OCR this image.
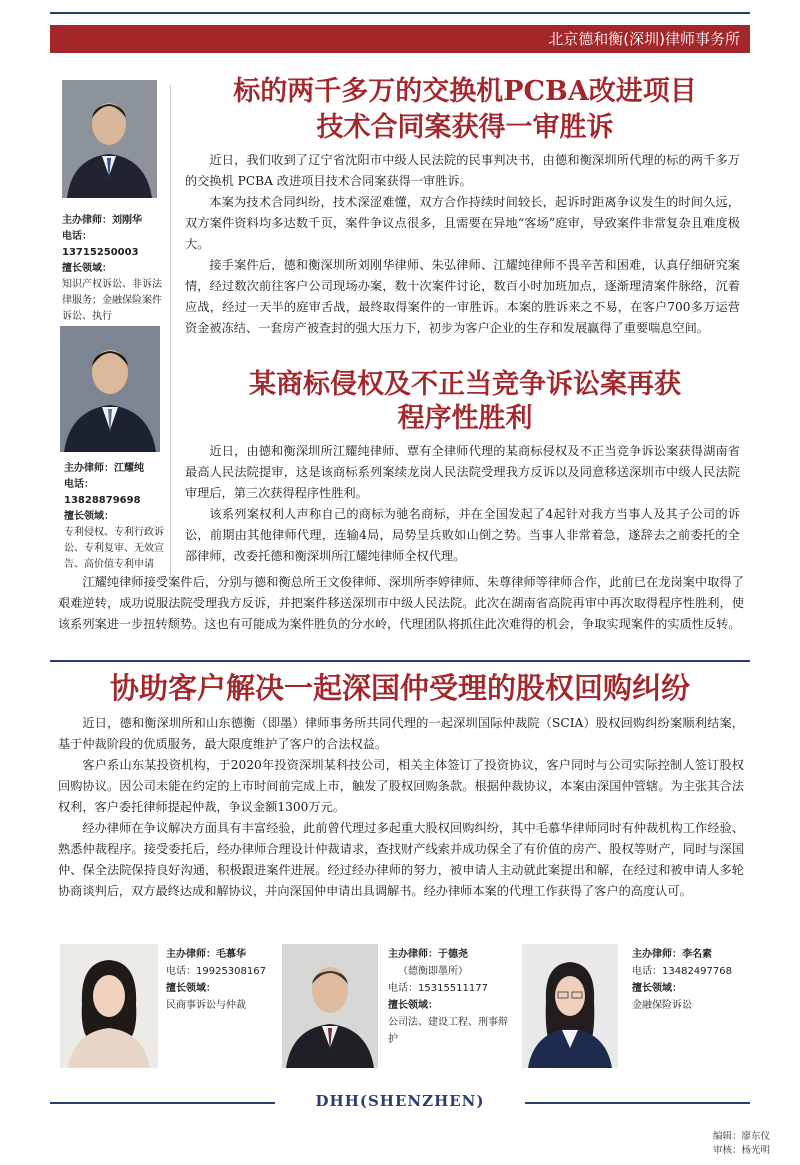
北京德和衡(深圳)律师事务所
主办律师：刘刚华
电话：13715250003
擅长领域：
知识产权诉讼、非诉法律服务；金融保险案件诉讼、执行
主办律师：江耀纯
电话：13828879698
擅长领域：
专利侵权、专利行政诉讼、专利复审、无效宣告、高价值专利申请
标的两千多万的交换机PCBA改进项目
技术合同案获得一审胜诉

近日，我们收到了辽宁省沈阳市中级人民法院的民事判决书，由德和衡深圳所代理的标的两千多万的交换机 PCBA 改进项目技术合同案获得一审胜诉。

本案为技术合同纠纷，技术深涩难懂，双方合作持续时间较长，起诉时距离争议发生的时间久远，双方案件资料均多达数千页，案件争议点很多，且需要在异地“客场”庭审，导致案件非常复杂且难度极大。

接手案件后，德和衡深圳所刘刚华律师、朱弘律师、江耀纯律师不畏辛苦和困难，认真仔细研究案情，经过数次前往客户公司现场办案，数十次案件讨论，数百小时加班加点，逐渐理清案件脉络，沉着应战，经过一天半的庭审舌战，最终取得案件的一审胜诉。本案的胜诉来之不易，在客户700多万运营资金被冻结、一套房产被查封的强大压力下，初步为客户企业的生存和发展赢得了重要喘息空间。

某商标侵权及不正当竞争诉讼案再获
程序性胜利

近日，由德和衡深圳所江耀纯律师、覃有全律师代理的某商标侵权及不正当竞争诉讼案获得湖南省最高人民法院提审，这是该商标系列案续龙岗人民法院受理我方反诉以及同意移送深圳市中级人民法院审理后，第三次获得程序性胜利。

该系列案权利人声称自己的商标为驰名商标，并在全国发起了4起针对我方当事人及其子公司的诉讼，前期由其他律师代理，连输4局，局势呈兵败如山倒之势。当事人非常着急，遂辞去之前委托的全部律师，改委托德和衡深圳所江耀纯律师全权代理。

江耀纯律师接受案件后，分别与德和衡总所王文俊律师、深圳所李婷律师、朱尊律师等律师合作，此前已在龙岗案中取得了艰难逆转，成功说服法院受理我方反诉，并把案件移送深圳市中级人民法院。此次在湖南省高院再审中再次取得程序性胜利，使该系列案进一步扭转颓势。这也有可能成为案件胜负的分水岭，代理团队将抓住此次难得的机会，争取实现案件的实质性反转。

协助客户解决一起深国仲受理的股权回购纠纷

近日，德和衡深圳所和山东德衡（即墨）律师事务所共同代理的一起深圳国际仲裁院（SCIA）股权回购纠纷案顺利结案，基于仲裁阶段的优质服务，最大限度维护了客户的合法权益。

客户系山东某投资机构，于2020年投资深圳某科技公司，相关主体签订了投资协议，客户同时与公司实际控制人签订股权回购协议。因公司未能在约定的上市时间前完成上市，触发了股权回购条款。根据仲裁协议，本案由深国仲管辖。为主张其合法权利，客户委托律师提起仲裁，争议金额1300万元。

经办律师在争议解决方面具有丰富经验，此前曾代理过多起重大股权回购纠纷，其中毛慕华律师同时有仲裁机构工作经验、熟悉仲裁程序。接受委托后，经办律师合理设计仲裁请求，查找财产线索并成功保全了有价值的房产、股权等财产，同时与深国仲、保全法院保持良好沟通，积极跟进案件进展。经过经办律师的努力，被申请人主动就此案提出和解，在经过和被申请人多轮协商谈判后，双方最终达成和解协议，并向深国仲申请出具调解书。经办律师本案的代理工作获得了客户的高度认可。

主办律师：毛慕华
电话：19925308167
擅长领域：
民商事诉讼与仲裁
主办律师：于德尧
（德衡即墨所）
电话：15315511177
擅长领域：
公司法、建设工程、刑事辩护
主办律师：李名素
电话：13482497768
擅长领域：
金融保险诉讼
DHH(SHENZHEN)
编辑：廖东仪
审核：杨光明
